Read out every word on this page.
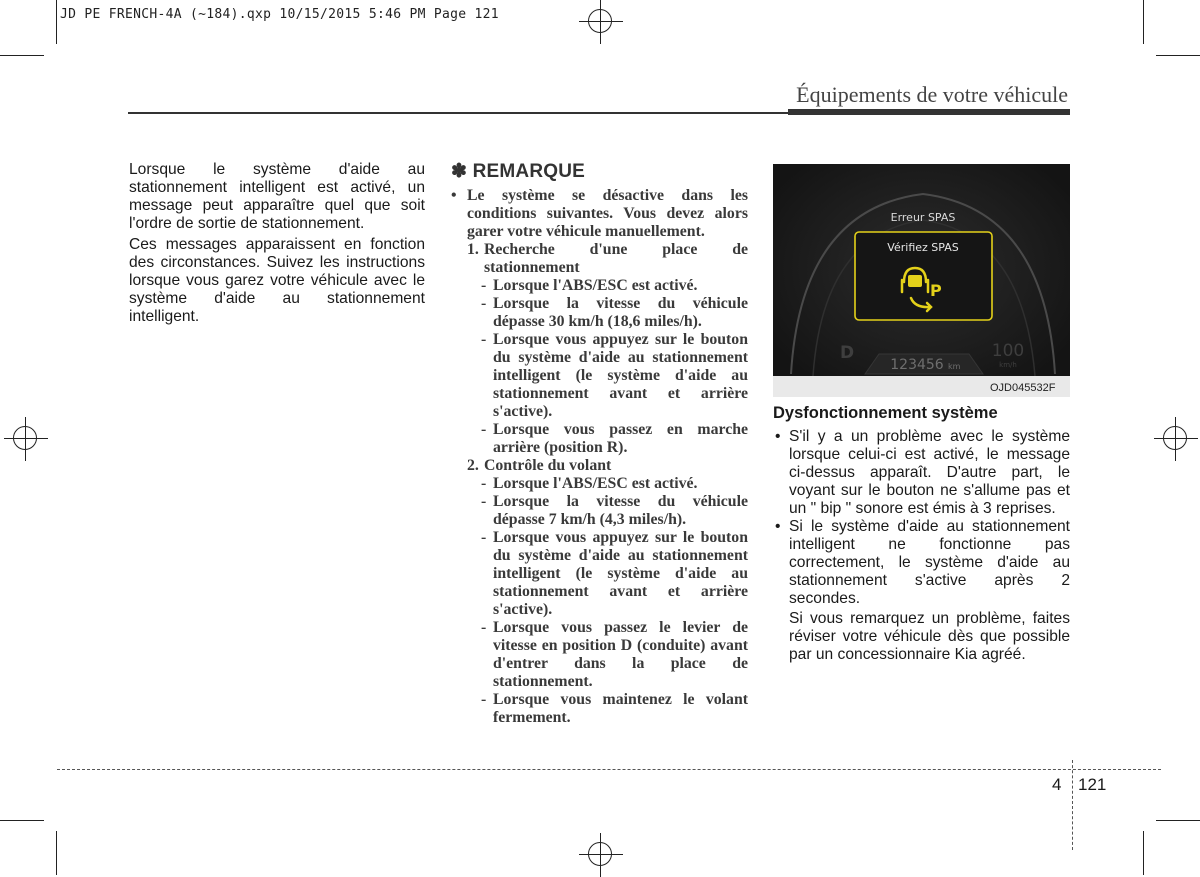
JD PE FRENCH-4A (~184).qxp 10/15/2015 5:46 PM Page 121
Équipements de votre véhicule

Lorsque le système d'aide au stationnement intelligent est activé, un message peut apparaître quel que soit l'ordre de sortie de stationnement.

Ces messages apparaissent en fonction des circonstances. Suivez les instructions lorsque vous garez votre véhicule avec le système d'aide au stationnement intelligent.

✽ REMARQUE
• Le système se désactive dans les conditions suivantes. Vous devez alors garer votre véhicule manuellement.
1. Recherche d'une place de stationnement
- Lorsque l'ABS/ESC est activé.
- Lorsque la vitesse du véhicule dépasse 30 km/h (18,6 miles/h).
- Lorsque vous appuyez sur le bouton du système d'aide au stationnement intelligent (le système d'aide au stationnement avant et arrière s'active).
- Lorsque vous passez en marche arrière (position R).
2. Contrôle du volant
- Lorsque l'ABS/ESC est activé.
- Lorsque la vitesse du véhicule dépasse 7 km/h (4,3 miles/h).
- Lorsque vous appuyez sur le bouton du système d'aide au stationnement intelligent (le système d'aide au stationnement avant et arrière s'active).
- Lorsque vous passez le levier de vitesse en position D (conduite) avant d'entrer dans la place de stationnement.
- Lorsque vous maintenez le volant fermement.
Erreur SPAS
Vérifiez SPAS
P
D
123456 km
100
km/h
OJD045532F
Dysfonctionnement système
• S'il y a un problème avec le système lorsque celui-ci est activé, le message ci-dessus apparaît. D'autre part, le voyant sur le bouton ne s'allume pas et un " bip " sonore est émis à 3 reprises.
• Si le système d'aide au stationnement intelligent ne fonctionne pas correctement, le système d'aide au stationnement s'active après 2 secondes.
Si vous remarquez un problème, faites réviser votre véhicule dès que possible par un concessionnaire Kia agréé.
4 121
